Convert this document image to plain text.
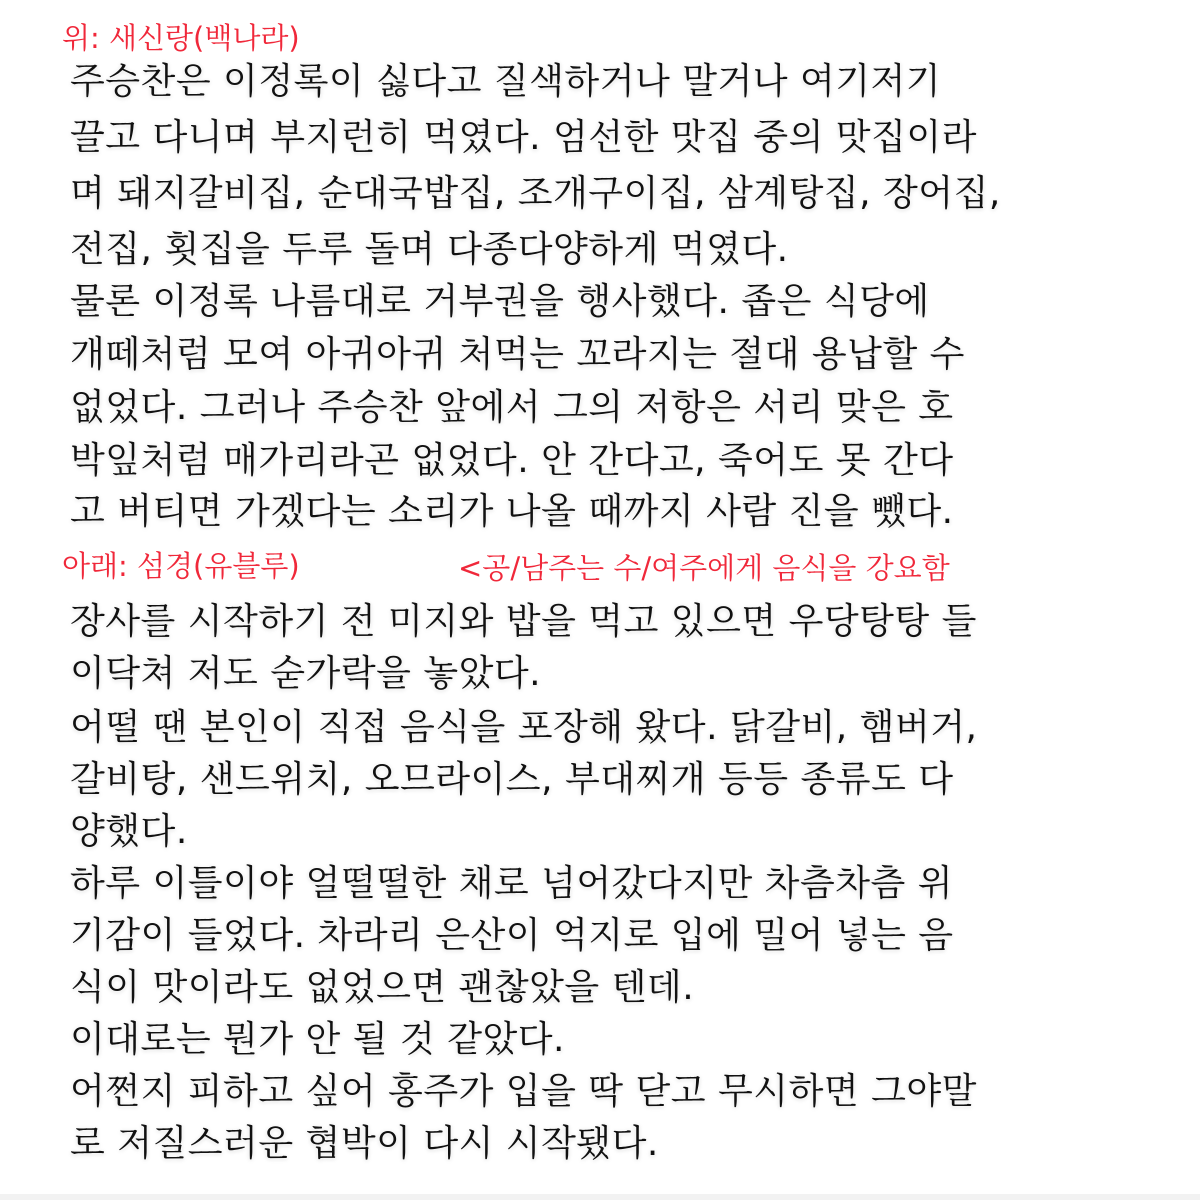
위: 새신랑(백나라)
주승찬은 이정록이 싫다고 질색하거나 말거나 여기저기
끌고 다니며 부지런히 먹였다. 엄선한 맛집 중의 맛집이라
며 돼지갈비집, 순대국밥집, 조개구이집, 삼계탕집, 장어집,
전집, 횟집을 두루 돌며 다종다양하게 먹였다.
물론 이정록 나름대로 거부권을 행사했다. 좁은 식당에
개떼처럼 모여 아귀아귀 처먹는 꼬라지는 절대 용납할 수
없었다. 그러나 주승찬 앞에서 그의 저항은 서리 맞은 호
박잎처럼 매가리라곤 없었다. 안 간다고, 죽어도 못 간다
고 버티면 가겠다는 소리가 나올 때까지 사람 진을 뺐다.
아래: 섬경(유블루)	<공/남주는 수/여주에게 음식을 강요함
장사를 시작하기 전 미지와 밥을 먹고 있으면 우당탕탕 들
이닥쳐 저도 숟가락을 놓았다.
어떨 땐 본인이 직접 음식을 포장해 왔다. 닭갈비, 햄버거,
갈비탕, 샌드위치, 오므라이스, 부대찌개 등등 종류도 다
양했다.
하루 이틀이야 얼떨떨한 채로 넘어갔다지만 차츰차츰 위
기감이 들었다. 차라리 은산이 억지로 입에 밀어 넣는 음
식이 맛이라도 없었으면 괜찮았을 텐데.
이대로는 뭔가 안 될 것 같았다.
어쩐지 피하고 싶어 홍주가 입을 딱 닫고 무시하면 그야말
로 저질스러운 협박이 다시 시작됐다.
